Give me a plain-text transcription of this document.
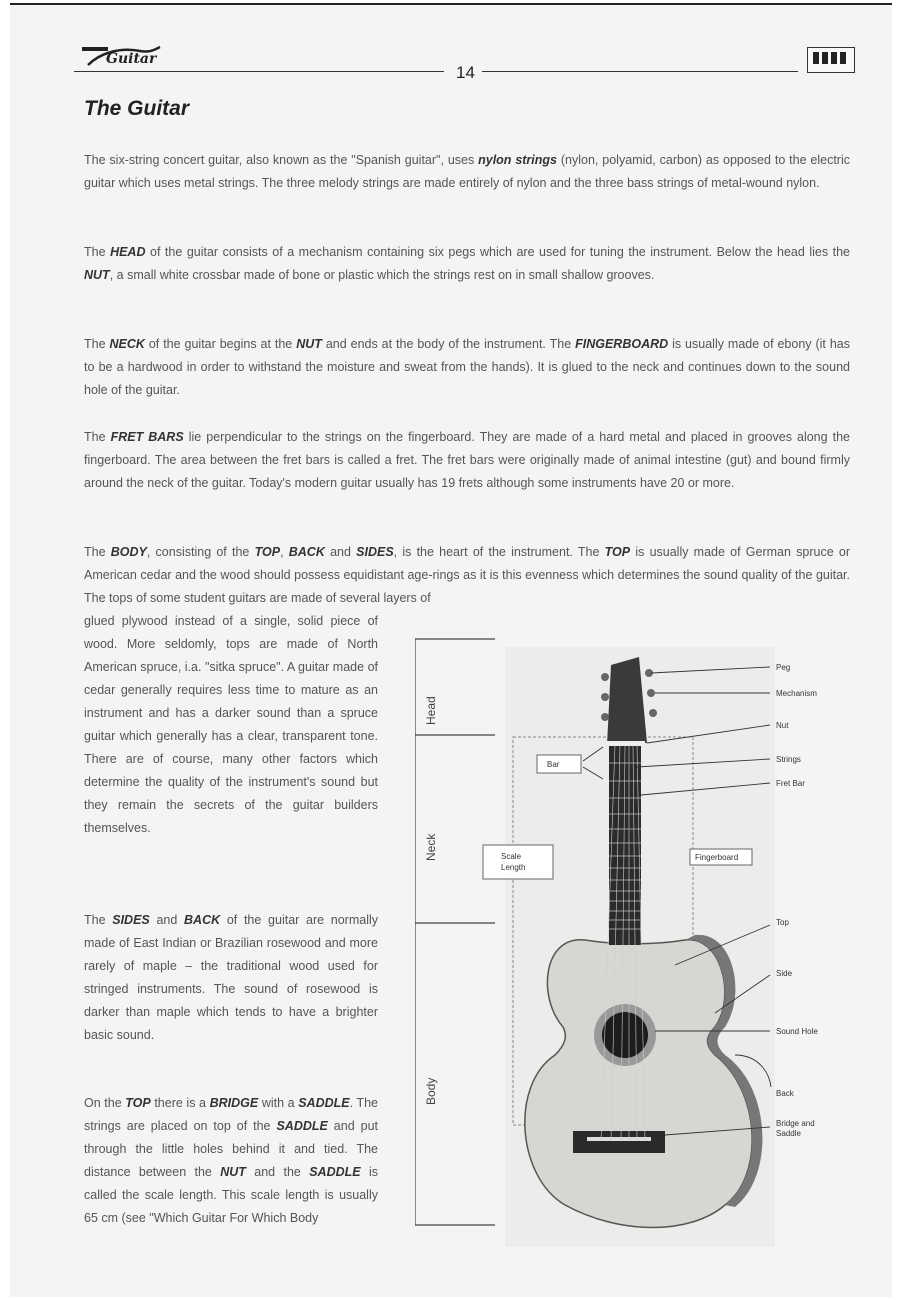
Guitar
14
The Guitar

The six-string concert guitar, also known as the "Spanish guitar", uses nylon strings (nylon, polyamid, carbon) as opposed to the electric guitar which uses metal strings. The three melody strings are made entirely of nylon and the three bass strings of metal-wound nylon.

The HEAD of the guitar consists of a mechanism containing six pegs which are used for tuning the instrument. Below the head lies the NUT, a small white crossbar made of bone or plastic which the strings rest on in small shallow grooves.

The NECK of the guitar begins at the NUT and ends at the body of the instrument. The FINGERBOARD is usually made of ebony (it has to be a hardwood in order to withstand the moisture and sweat from the hands). It is glued to the neck and continues down to the sound hole of the guitar.

The FRET BARS lie perpendicular to the strings on the fingerboard. They are made of a hard metal and placed in grooves along the fingerboard. The area between the fret bars is called a fret. The fret bars were originally made of animal intestine (gut) and bound firmly around the neck of the guitar. Today's modern guitar usually has 19 frets although some instruments have 20 or more.

The BODY, consisting of the TOP, BACK and SIDES, is the heart of the instrument. The TOP is usually made of German spruce or American cedar and the wood should possess equidistant age-rings as it is this evenness which determines the sound quality of the guitar. The tops of some student guitars are made of several layers of

glued plywood instead of a single, solid piece of wood. More seldomly, tops are made of North American spruce, i.a. "sitka spruce". A guitar made of cedar generally requires less time to mature as an instrument and has a darker sound than a spruce guitar which generally has a clear, transparent tone. There are of course, many other factors which determine the quality of the instrument's sound but they remain the secrets of the guitar builders themselves.

The SIDES and BACK of the guitar are normally made of East Indian or Brazilian rosewood and more rarely of maple – the traditional wood used for stringed instruments. The sound of rosewood is darker than maple which tends to have a brighter basic sound.

On the TOP there is a BRIDGE with a SADDLE. The strings are placed on top of the SADDLE and put through the little holes behind it and tied. The distance between the NUT and the SADDLE is called the scale length. This scale length is usually 65 cm (see "Which Guitar For Which Body

Head
Neck
Body
Bar
Scale
Length
Fingerboard
Peg
Mechanism
Nut
Strings
Fret Bar
Top
Side
Sound Hole
Back
Bridge and
Saddle
